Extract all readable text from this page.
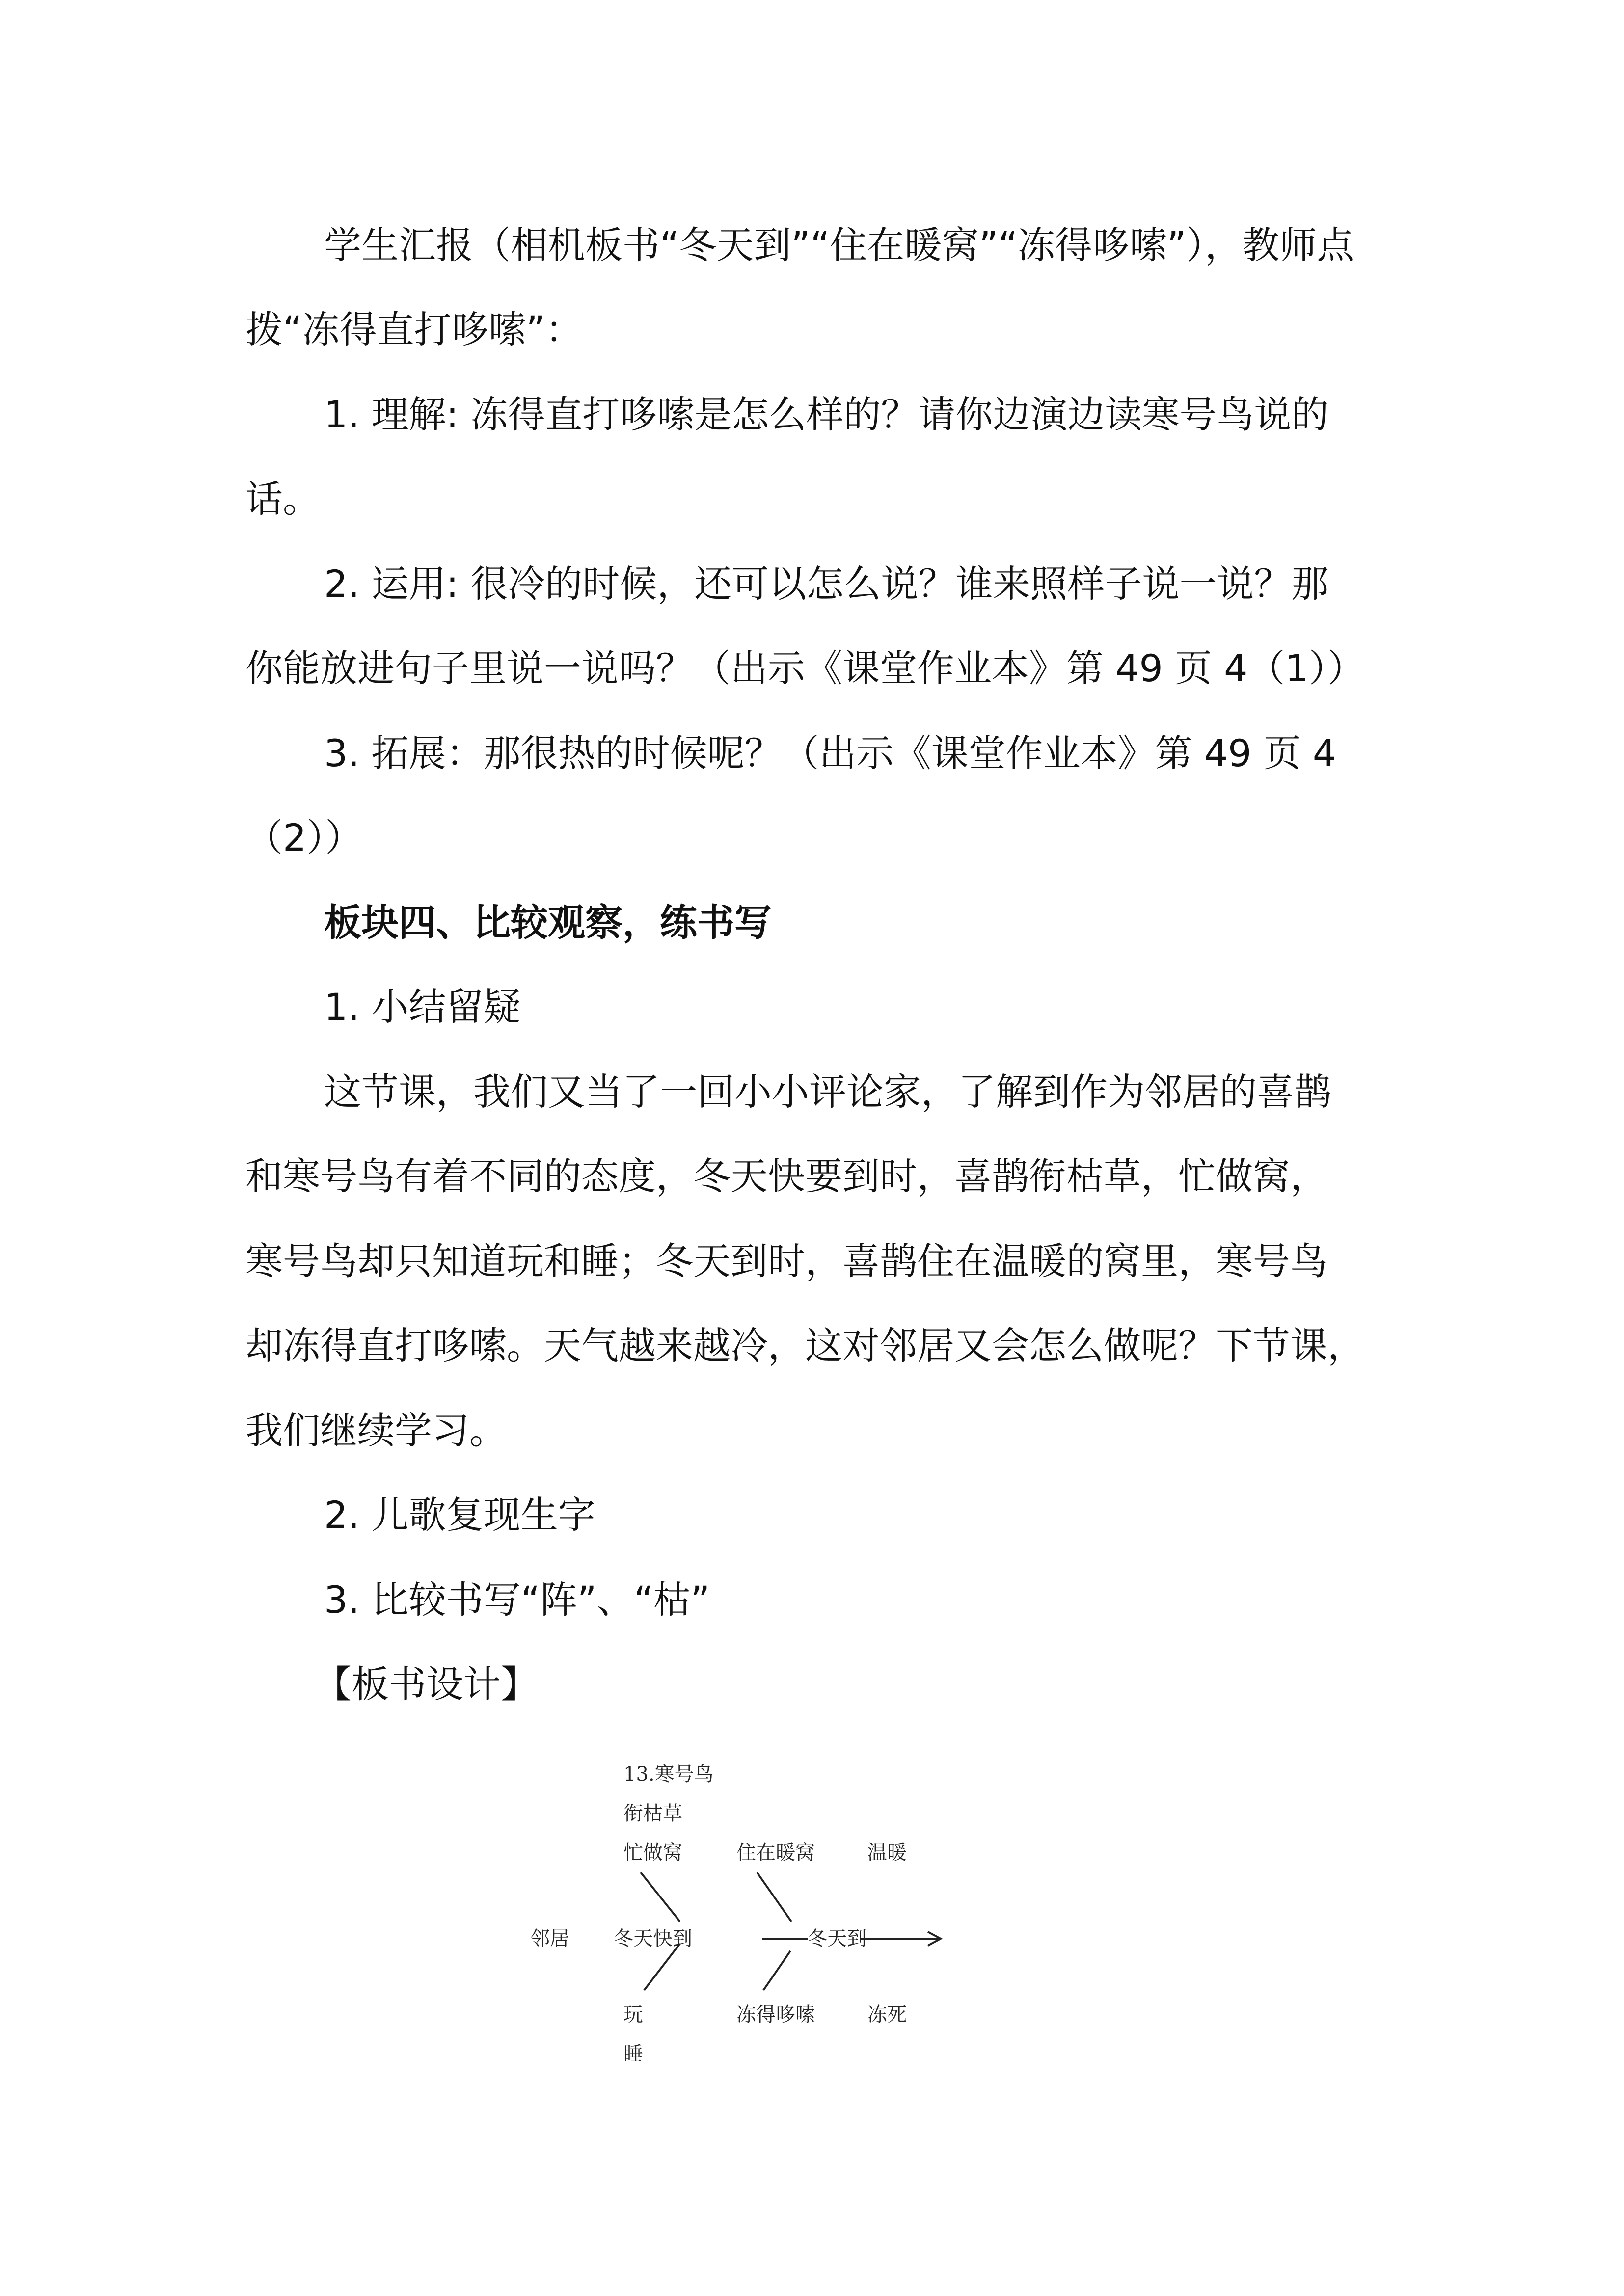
学生汇报（相机板书“冬天到”“住在暖窝”“冻得哆嗦”），教师点
拨“冻得直打哆嗦”：
1. 理解: 冻得直打哆嗦是怎么样的？请你边演边读寒号鸟说的
话。
2. 运用: 很冷的时候，还可以怎么说？谁来照样子说一说？那
你能放进句子里说一说吗？（出示《课堂作业本》第 49 页 4（1））
3. 拓展：那很热的时候呢？（出示《课堂作业本》第 49 页 4
（2））
板块四、比较观察，练书写
1. 小结留疑
这节课，我们又当了一回小小评论家，了解到作为邻居的喜鹊
和寒号鸟有着不同的态度，冬天快要到时，喜鹊衔枯草，忙做窝，
寒号鸟却只知道玩和睡；冬天到时，喜鹊住在温暖的窝里，寒号鸟
却冻得直打哆嗦。天气越来越冷，这对邻居又会怎么做呢？下节课，
我们继续学习。
2. 儿歌复现生字
3. 比较书写“阵”、“枯”
【板书设计】
13.寒号鸟
衔枯草
忙做窝	住在暖窝	温暖
邻居 冬天快到	冬天到
玩
睡
冻得哆嗦	冻死
